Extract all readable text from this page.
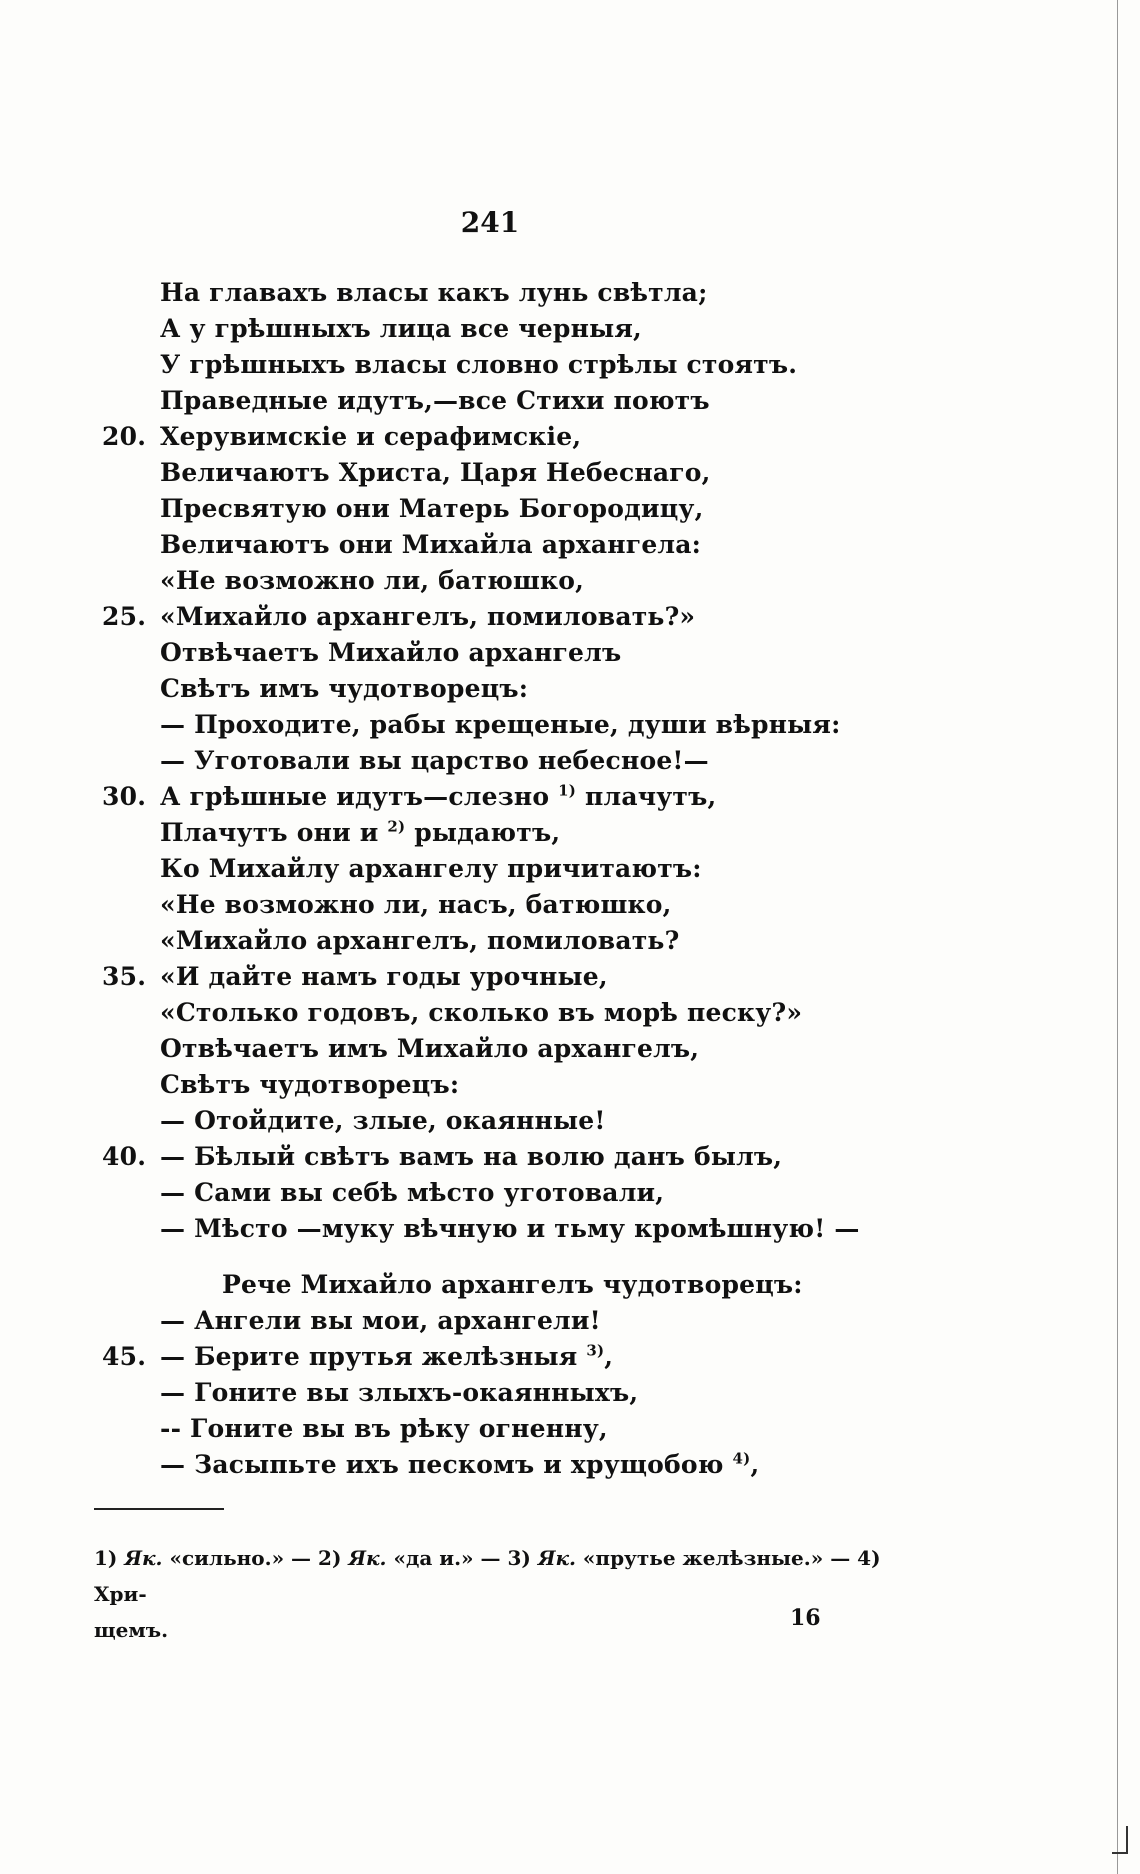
241
На главахъ власы какъ лунь свѣтла;
А у грѣшныхъ лица все черныя,
У грѣшныхъ власы словно стрѣлы стоятъ.
Праведные идутъ,—все Стихи поютъ
20. Херувимскіе и серафимскіе,
Величаютъ Христа, Царя Небеснаго,
Пресвятую они Матерь Богородицу,
Величаютъ они Михайла архангела:
«Не возможно ли, батюшко,
25. «Михайло архангелъ, помиловать?»
Отвѣчаетъ Михайло архангелъ
Свѣтъ имъ чудотворецъ:
— Проходите, рабы крещеные, души вѣрныя:
— Уготовали вы царство небесное!—
30. А грѣшные идутъ—слезно $^{1)}$ плачутъ,
Плачутъ они и $^{2)}$ рыдаютъ,
Ко Михайлу архангелу причитаютъ:
«Не возможно ли, насъ, батюшко,
«Михайло архангелъ, помиловать?
35. «И дайте намъ годы урочные,
«Столько годовъ, сколько въ морѣ песку?»
Отвѣчаетъ имъ Михайло архангелъ,
Свѣтъ чудотворецъ:
— Отойдите, злые, окаянные!
40. — Бѣлый свѣтъ вамъ на волю данъ былъ,
— Сами вы себѣ мѣсто уготовали,
— Мѣсто —муку вѣчную и тьму кромѣшную! —
Рече Михайло архангелъ чудотворецъ:
— Ангели вы мои, архангели!
45. — Берите прутья желѣзныя $^{3)}$,
— Гоните вы злыхъ-окаянныхъ,
-- Гоните вы въ рѣку огненну,
— Засыпьте ихъ пескомъ и хрущобою $^{4)}$,
1) Як. «сильно.» — 2) Як. «да и.» — 3) Як. «прутье желѣзные.» — 4) Хри-
щемъ.	16
